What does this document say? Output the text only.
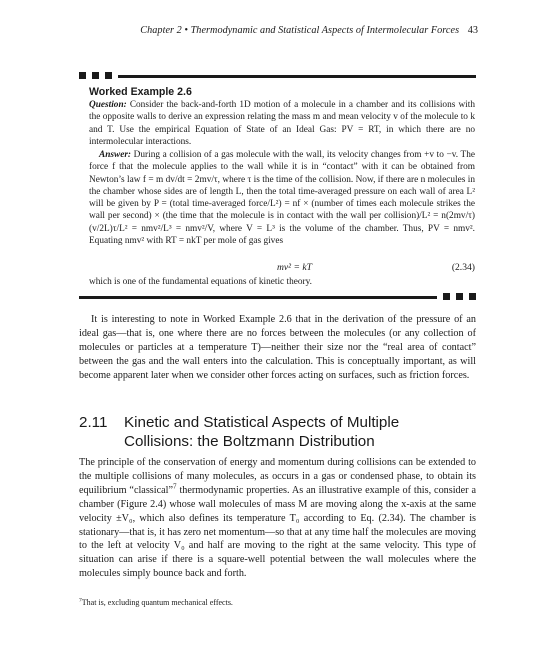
Chapter 2 • Thermodynamic and Statistical Aspects of Intermolecular Forces 43
Worked Example 2.6
Question: Consider the back-and-forth 1D motion of a molecule in a chamber and its collisions with the opposite walls to derive an expression relating the mass m and mean velocity v of the molecule to k and T. Use the empirical Equation of State of an Ideal Gas: PV = RT, in which there are no intermolecular interactions.
Answer: During a collision of a gas molecule with the wall, its velocity changes from +v to −v. The force f that the molecule applies to the wall while it is in “contact” with it can be obtained from Newton’s law f = m dv/dt = 2mv/τ, where τ is the time of the collision. Now, if there are n molecules in the chamber whose sides are of length L, then the total time-averaged pressure on each wall of area L² will be given by P = (total time-averaged force/L²) = nf × (number of times each molecule strikes the wall per second) × (the time that the molecule is in contact with the wall per collision)/L² = n(2mv/τ)(v/2L)τ/L² = nmv²/L³ = nmv²/V, where V = L³ is the volume of the chamber. Thus, PV = nmv². Equating nmv² with RT = nkT per mole of gas gives
mv² = kT	(2.34)
which is one of the fundamental equations of kinetic theory.
It is interesting to note in Worked Example 2.6 that in the derivation of the pressure of an ideal gas—that is, one where there are no forces between the molecules (or any collection of molecules or particles at a temperature T)—neither their size nor the “real area of contact” between the gas and the wall enters into the calculation. This is conceptually important, as will become apparent later when we consider other forces acting on surfaces, such as friction forces.
2.11 Kinetic and Statistical Aspects of Multiple
Collisions: the Boltzmann Distribution
The principle of the conservation of energy and momentum during collisions can be extended to the multiple collisions of many molecules, as occurs in a gas or condensed phase, to obtain its equilibrium “classical”$^7$ thermodynamic properties. As an illustrative example of this, consider a chamber (Figure 2.4) whose wall molecules of mass M are moving along the x-axis at the same velocity ±V₀, which also defines its temperature T₀ according to Eq. (2.34). The chamber is stationary—that is, it has zero net momentum—so that at any time half the molecules are moving to the left at velocity V₀ and half are moving to the right at the same velocity. This type of situation can arise if there is a square-well potential between the wall molecules where the molecules simply bounce back and forth.
$^7$That is, excluding quantum mechanical effects.
